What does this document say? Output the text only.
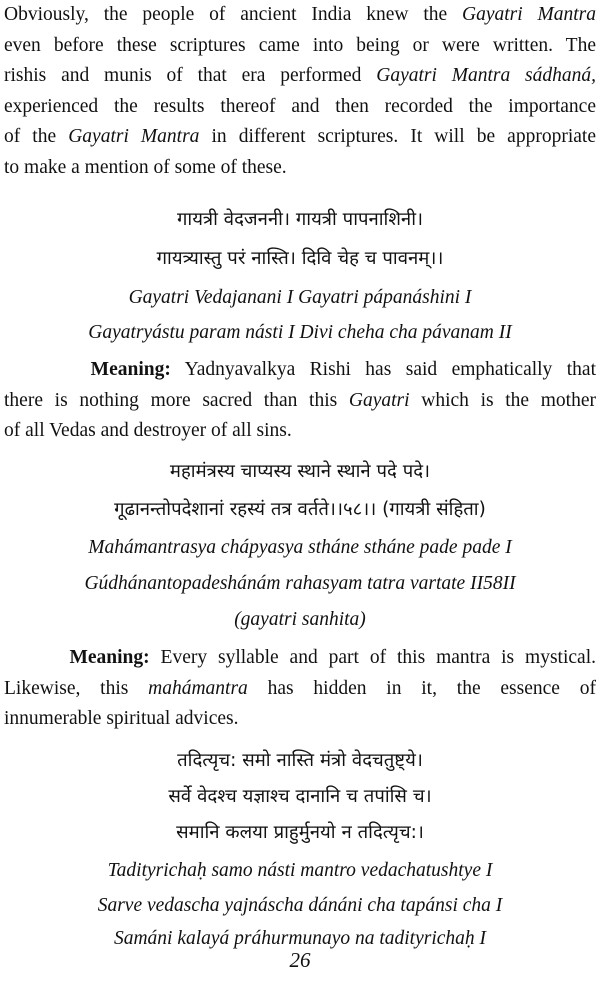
Obviously, the people of ancient India knew the Gayatri Mantra
even before these scriptures came into being or were written. The
rishis and munis of that era performed Gayatri Mantra sádhaná,
experienced the results thereof and then recorded the importance
of the Gayatri Mantra in different scriptures. It will be appropriate
to make a mention of some of these.
गायत्री वेदजननी। गायत्री पापनाशिनी।
गायत्र्यास्तु परं नास्ति। दिवि चेह च पावनम्।।
Gayatri Vedajanani I Gayatri pápanáshini I
Gayatryástu param násti I Divi cheha cha pávanam II
Meaning: Yadnyavalkya Rishi has said emphatically that
there is nothing more sacred than this Gayatri which is the mother
of all Vedas and destroyer of all sins.
महामंत्रस्य चाप्यस्य स्थाने स्थाने पदे पदे।
गूढानन्तोपदेशानां रहस्यं तत्र वर्तते।।५८।। (गायत्री संहिता)
Mahámantrasya chápyasya stháne stháne pade pade I
Gúdhánantopadeshánám rahasyam tatra vartate II58II
(gayatri sanhita)
Meaning: Every syllable and part of this mantra is mystical.
Likewise, this mahámantra has hidden in it, the essence of
innumerable spiritual advices.
तदित्यृच: समो नास्ति मंत्रो वेदचतुष्ट्ये।
सर्वे वेदश्च यज्ञाश्च दानानि च तपांसि च।
समानि कलया प्राहुर्मुनयो न तदित्यृच:।
Tadityrichaḥ samo násti mantro vedachatushtye I
Sarve vedascha yajnáscha dánáni cha tapánsi cha I
Samáni kalayá práhurmunayo na tadityrichaḥ I
26
